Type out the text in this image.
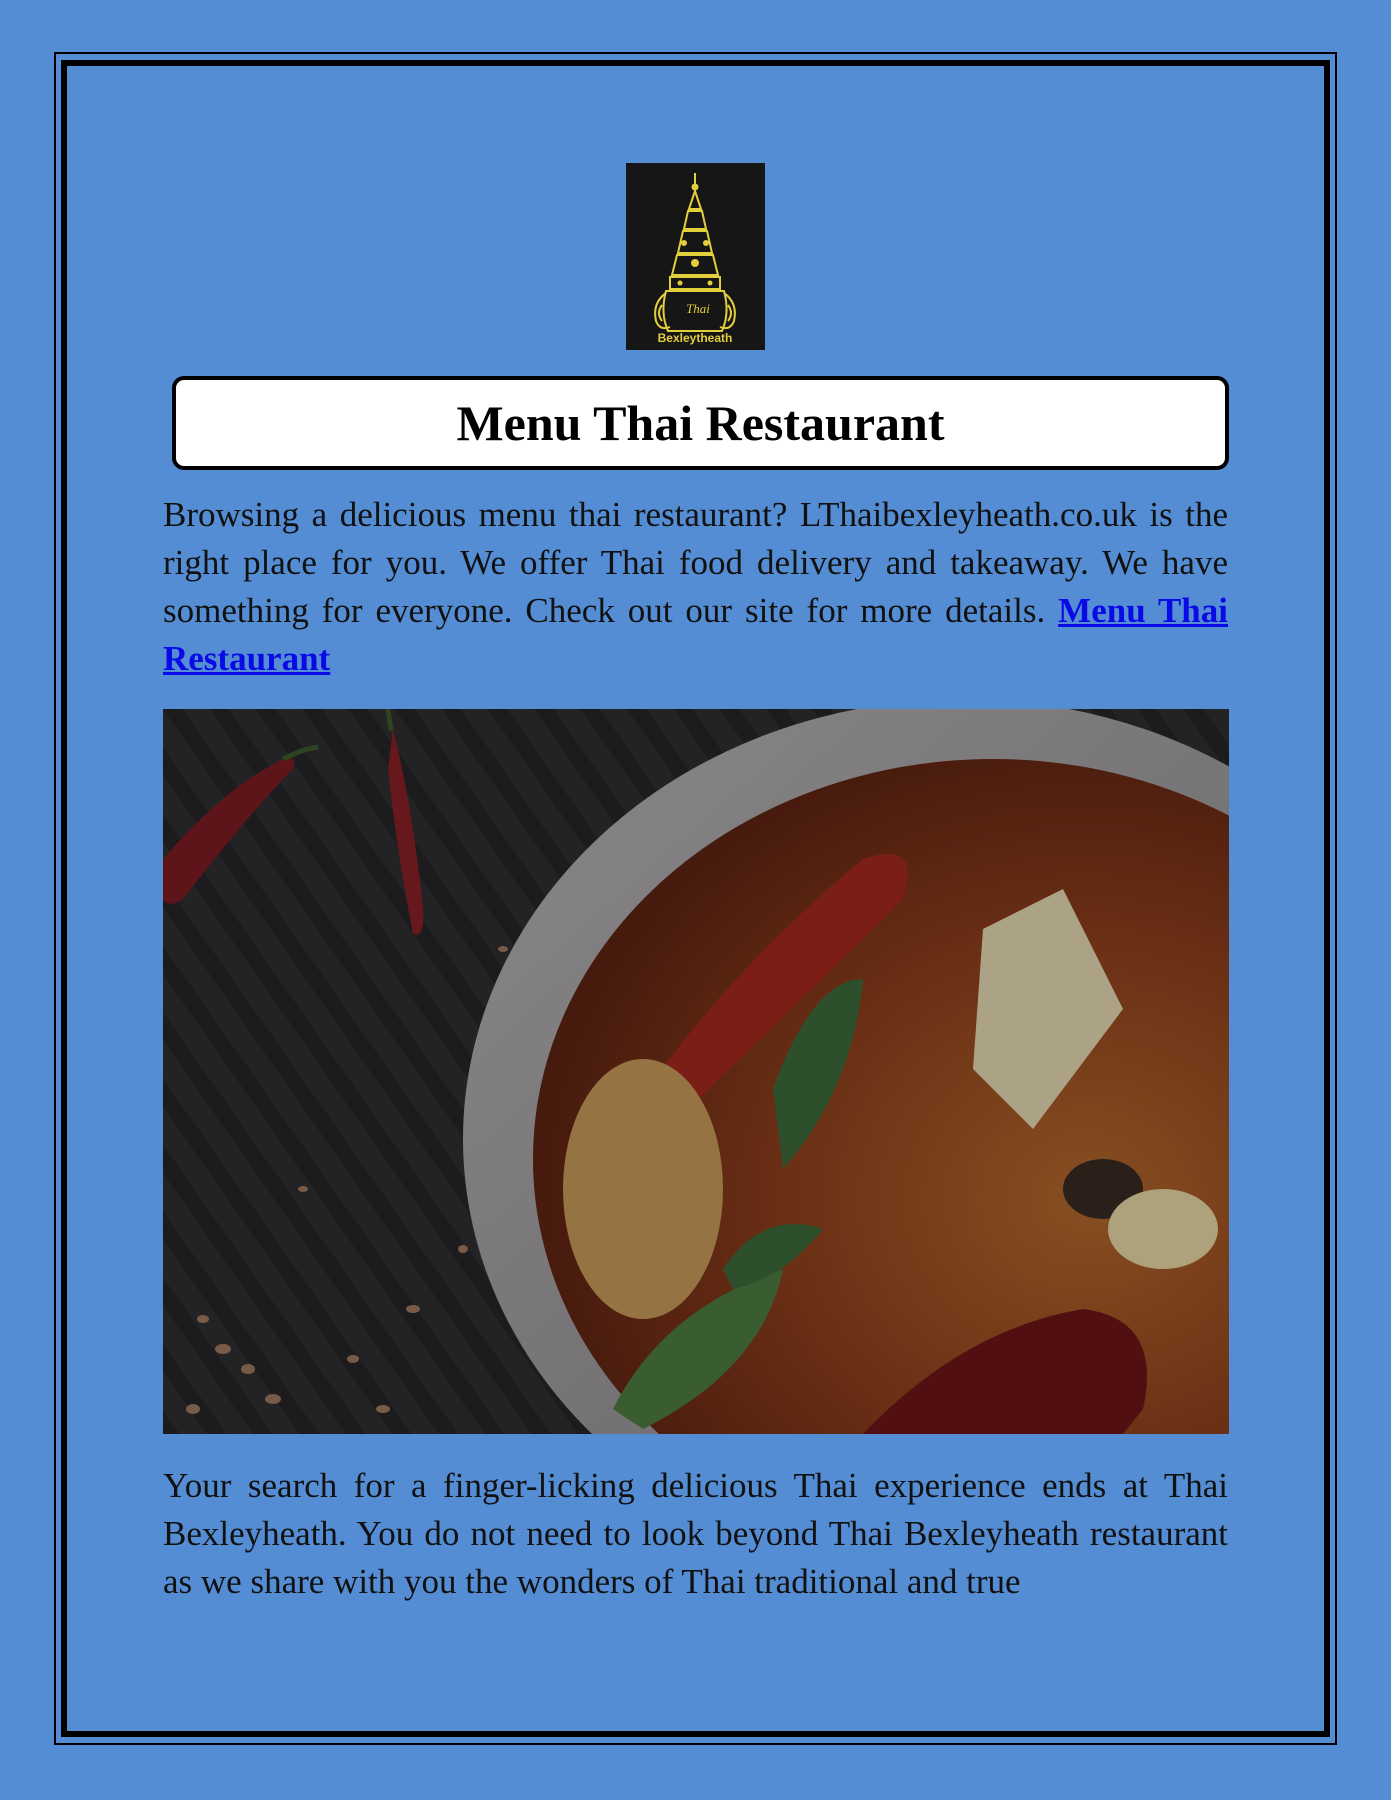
Thai
Bexleytheath
Menu Thai Restaurant

Browsing a delicious menu thai restaurant? LThaibexleyheath.co.uk is the right place for you. We offer Thai food delivery and takeaway. We have something for everyone. Check out our site for more details. Menu Thai Restaurant

Your search for a finger-licking delicious Thai experience ends at Thai Bexleyheath. You do not need to look beyond Thai Bexleyheath restaurant as we share with you the wonders of Thai traditional and true
